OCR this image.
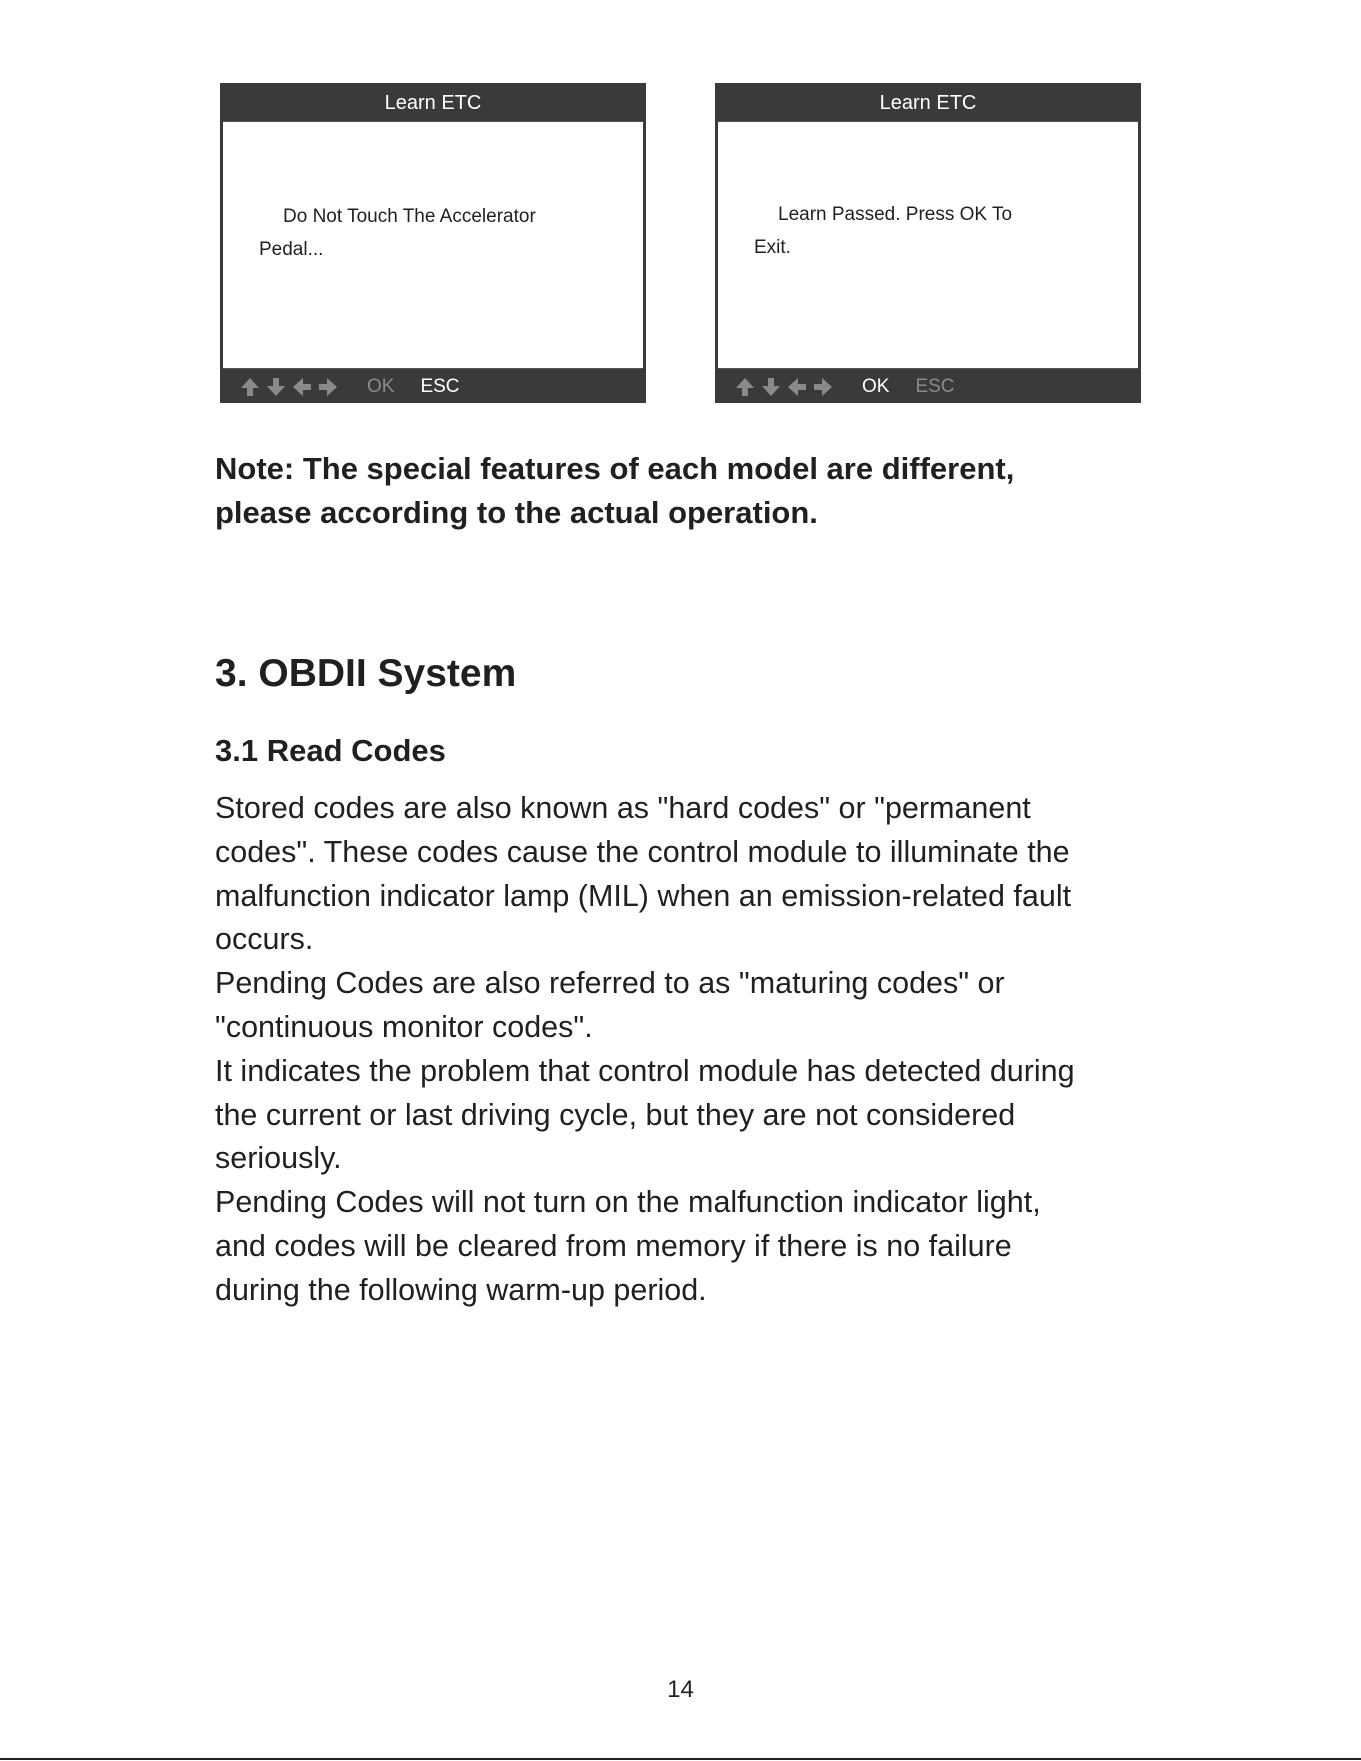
Learn ETC
Do Not Touch The Accelerator
Pedal...
OK ESC
Learn ETC
Learn Passed. Press OK To
Exit.
OK ESC

Note: The special features of each model are different,
please according to the actual operation.

3. OBDII System
3.1 Read Codes

Stored codes are also known as "hard codes" or "permanent
codes". These codes cause the control module to illuminate the
malfunction indicator lamp (MIL) when an emission-related fault
occurs.
Pending Codes are also referred to as "maturing codes" or
"continuous monitor codes".
It indicates the problem that control module has detected during
the current or last driving cycle, but they are not considered
seriously.
Pending Codes will not turn on the malfunction indicator light,
and codes will be cleared from memory if there is no failure
during the following warm-up period.

14
